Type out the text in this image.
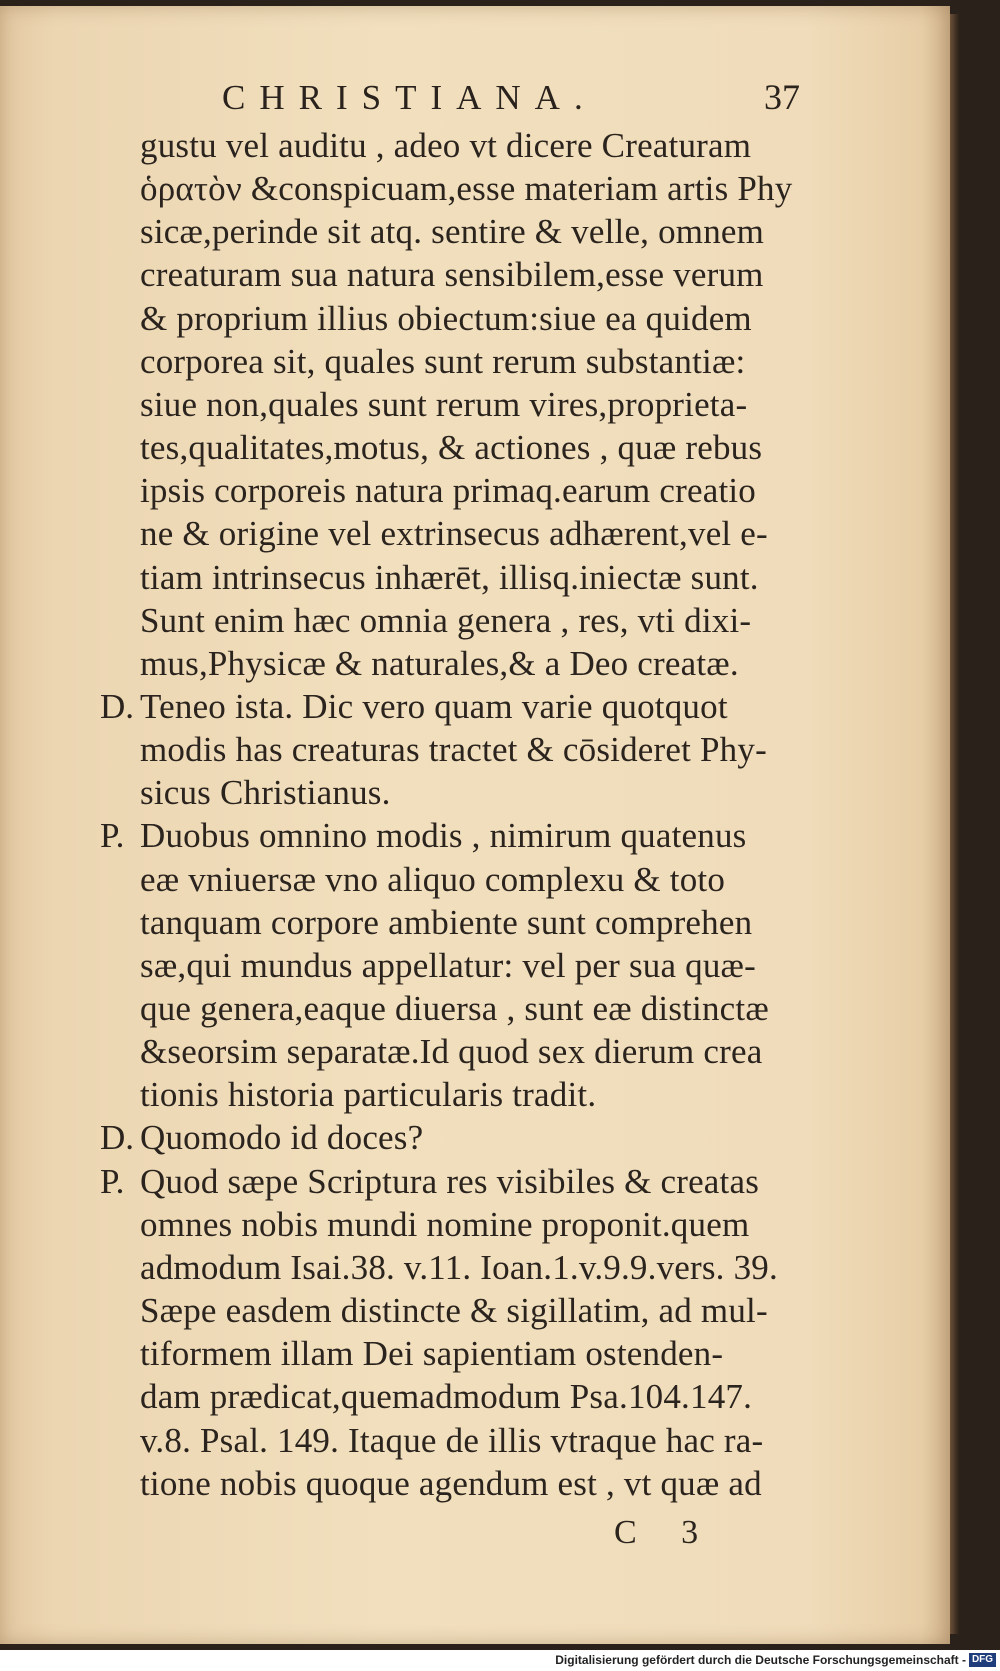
CHRISTIANA.	37
D.
P.
D.
P.
gustu vel auditu , adeo vt dicere Creaturam
ὁρατὸν &conspicuam,esse materiam artis Phy
sicæ,perinde sit atq. sentire & velle, omnem
creaturam sua natura sensibilem,esse verum
& proprium illius obiectum:siue ea quidem
corporea sit, quales sunt rerum substantiæ:
siue non,quales sunt rerum vires,proprieta-
tes,qualitates,motus, & actiones , quæ rebus
ipsis corporeis natura primaq.earum creatio
ne & origine vel extrinsecus adhærent,vel e-
tiam intrinsecus inhærēt, illisq.iniectæ sunt.
Sunt enim hæc omnia genera , res, vti dixi-
mus,Physicæ & naturales,& a Deo creatæ.
Teneo ista. Dic vero quam varie quotquot
modis has creaturas tractet & cōsideret Phy-
sicus Christianus.
Duobus omnino modis , nimirum quatenus
eæ vniuersæ vno aliquo complexu & toto
tanquam corpore ambiente sunt comprehen
sæ,qui mundus appellatur: vel per sua quæ-
que genera,eaque diuersa , sunt eæ distinctæ
&seorsim separatæ.Id quod sex dierum crea
tionis historia particularis tradit.
Quomodo id doces?
Quod sæpe Scriptura res visibiles & creatas
omnes nobis mundi nomine proponit.quem
admodum Isai.38. v.11. Ioan.1.v.9.9.vers. 39.
Sæpe easdem distincte & sigillatim, ad mul-
tiformem illam Dei sapientiam ostenden-
dam prædicat,quemadmodum Psa.104.147.
v.8. Psal. 149. Itaque de illis vtraque hac ra-
tione nobis quoque agendum est , vt quæ ad
C 3
Digitalisierung gefördert durch die Deutsche Forschungsgemeinschaft - DFG
